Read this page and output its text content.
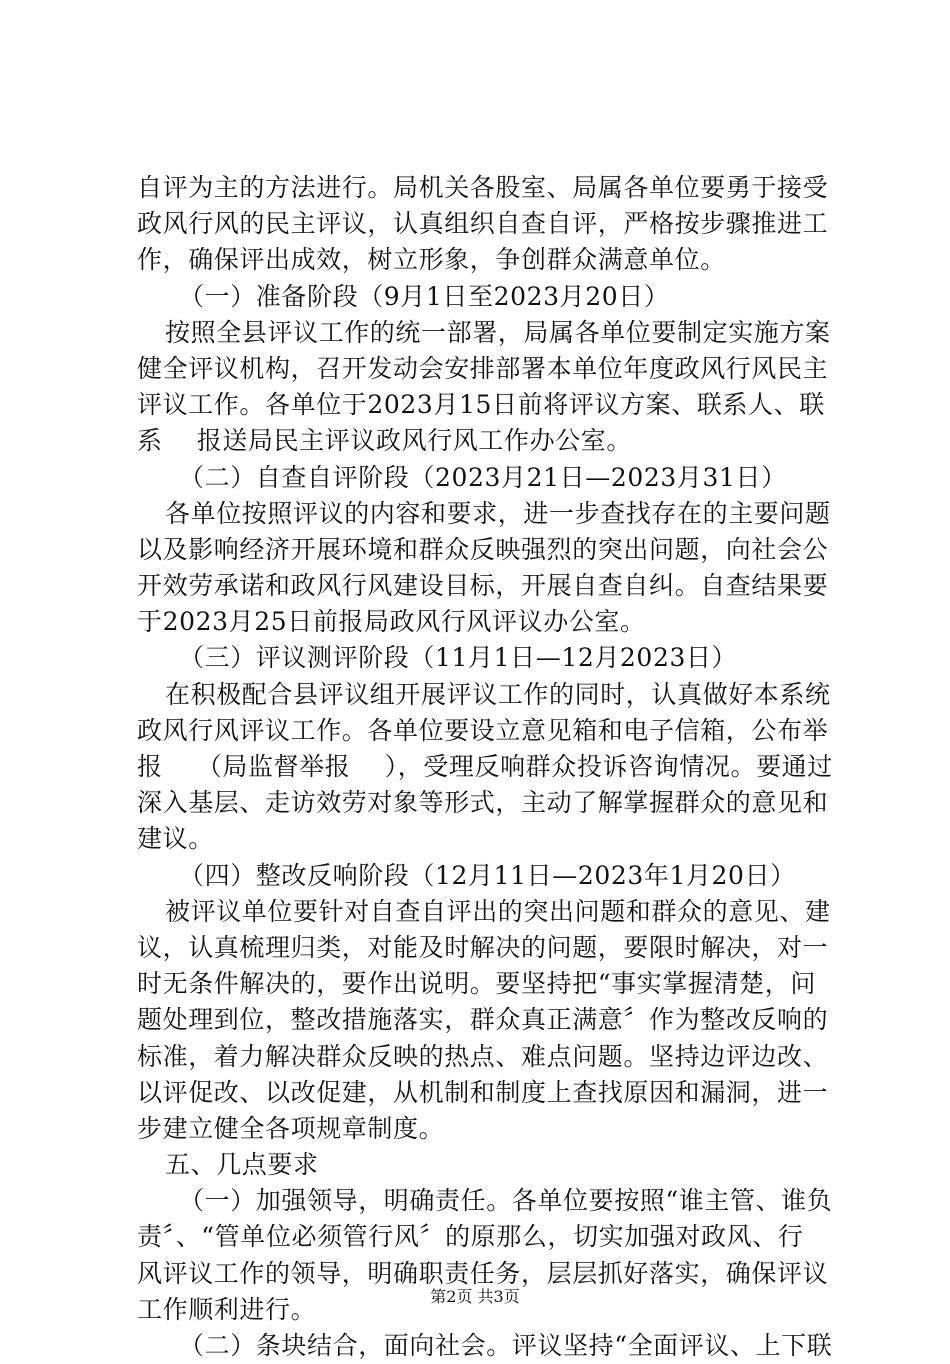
自评为主的方法进行。局机关各股室、局属各单位要勇于接受
政风行风的民主评议，认真组织自查自评，严格按步骤推进工
作，确保评出成效，树立形象，争创群众满意单位。
（一）准备阶段（9月1日至2023月20日）
按照全县评议工作的统一部署，局属各单位要制定实施方案
健全评议机构，召开发动会安排部署本单位年度政风行风民主
评议工作。各单位于2023月15日前将评议方案、联系人、联
系    报送局民主评议政风行风工作办公室。
（二）自查自评阶段（2023月21日—2023月31日）
各单位按照评议的内容和要求，进一步查找存在的主要问题
以及影响经济开展环境和群众反映强烈的突出问题，向社会公
开效劳承诺和政风行风建设目标，开展自查自纠。自查结果要
于2023月25日前报局政风行风评议办公室。
（三）评议测评阶段（11月1日—12月2023日）
在积极配合县评议组开展评议工作的同时，认真做好本系统
政风行风评议工作。各单位要设立意见箱和电子信箱，公布举
报    （局监督举报    ），受理反响群众投诉咨询情况。要通过
深入基层、走访效劳对象等形式，主动了解掌握群众的意见和
建议。
（四）整改反响阶段（12月11日—2023年1月20日）
被评议单位要针对自查自评出的突出问题和群众的意见、建
议，认真梳理归类，对能及时解决的问题，要限时解决，对一
时无条件解决的，要作出说明。要坚持把“事实掌握清楚，问
题处理到位，整改措施落实，群众真正满意〞作为整改反响的
标准，着力解决群众反映的热点、难点问题。坚持边评边改、
以评促改、以改促建，从机制和制度上查找原因和漏洞，进一
步建立健全各项规章制度。
五、几点要求
（一）加强领导，明确责任。各单位要按照“谁主管、谁负
责〞、“管单位必须管行风〞的原那么，切实加强对政风、行
风评议工作的领导，明确职责任务，层层抓好落实，确保评议
工作顺利进行。
（二）条块结合，面向社会。评议坚持“全面评议、上下联
第2页 共3页
